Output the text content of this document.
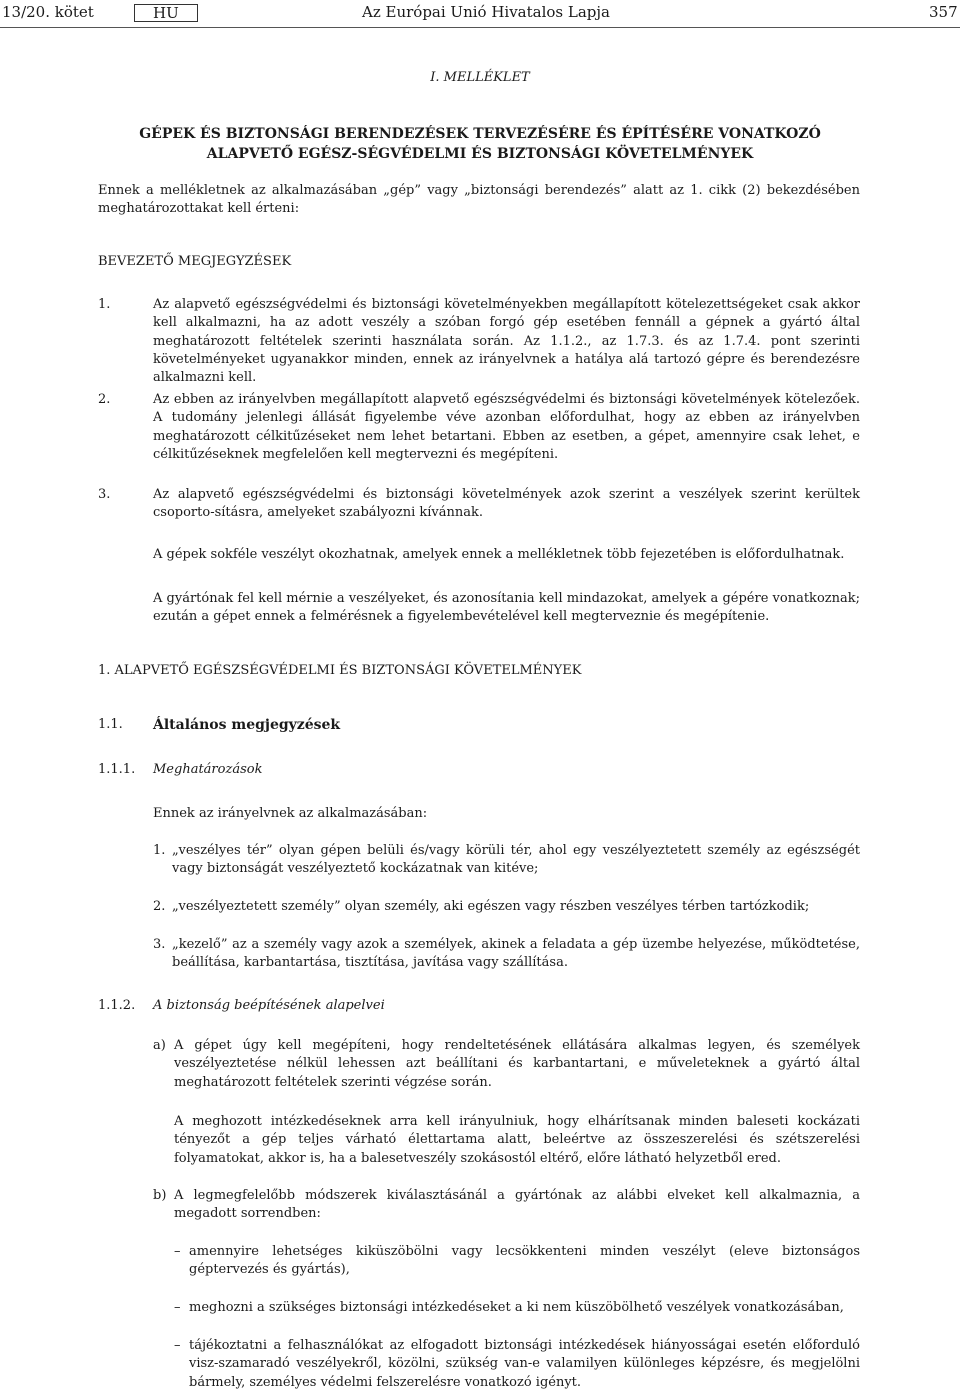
13/20. kötet	HU	Az Európai Unió Hivatalos Lapja	357
I. MELLÉKLET
GÉPEK ÉS BIZTONSÁGI BERENDEZÉSEK TERVEZÉSÉRE ÉS ÉPÍTÉSÉRE VONATKOZÓ ALAPVETŐ EGÉSZ-SÉGVÉDELMI ÉS BIZTONSÁGI KÖVETELMÉNYEK

Ennek a mellékletnek az alkalmazásában „gép” vagy „biztonsági berendezés” alatt az 1. cikk (2) bekezdésében meghatározottakat kell érteni:

BEVEZETŐ MEGJEGYZÉSEK
1.	Az alapvető egészségvédelmi és biztonsági követelményekben megállapított kötelezettségeket csak akkor kell alkalmazni, ha az adott veszély a szóban forgó gép esetében fennáll a gépnek a gyártó által meghatározott feltételek szerinti használata során. Az 1.1.2., az 1.7.3. és az 1.7.4. pont szerinti követelményeket ugyanakkor minden, ennek az irányelvnek a hatálya alá tartozó gépre és berendezésre alkalmazni kell.

2.	Az ebben az irányelvben megállapított alapvető egészségvédelmi és biztonsági követelmények kötelezőek. A tudomány jelenlegi állását figyelembe véve azonban előfordulhat, hogy az ebben az irányelvben meghatározott célkitűzéseket nem lehet betartani. Ebben az esetben, a gépet, amennyire csak lehet, e célkitűzéseknek megfelelően kell megtervezni és megépíteni.

3.	Az alapvető egészségvédelmi és biztonsági követelmények azok szerint a veszélyek szerint kerültek csoporto-sításra, amelyeket szabályozni kívánnak.

A gépek sokféle veszélyt okozhatnak, amelyek ennek a mellékletnek több fejezetében is előfordulhatnak.

A gyártónak fel kell mérnie a veszélyeket, és azonosítania kell mindazokat, amelyek a gépére vonatkoznak; ezután a gépet ennek a felmérésnek a figyelembevételével kell megterveznie és megépítenie.

1. ALAPVETŐ EGÉSZSÉGVÉDELMI ÉS BIZTONSÁGI KÖVETELMÉNYEK
1.1. Általános megjegyzések
1.1.1. Meghatározások

Ennek az irányelvnek az alkalmazásában:

1. „veszélyes tér” olyan gépen belüli és/vagy körüli tér, ahol egy veszélyeztetett személy az egészségét vagy biztonságát veszélyeztető kockázatnak van kitéve;

2. „veszélyeztetett személy” olyan személy, aki egészen vagy részben veszélyes térben tartózkodik;

3. „kezelő” az a személy vagy azok a személyek, akinek a feladata a gép üzembe helyezése, működtetése, beállítása, karbantartása, tisztítása, javítása vagy szállítása.

1.1.2. A biztonság beépítésének alapelvei
a) A gépet úgy kell megépíteni, hogy rendeltetésének ellátására alkalmas legyen, és személyek veszélyeztetése nélkül lehessen azt beállítani és karbantartani, e műveleteknek a gyártó által meghatározott feltételek szerinti végzése során.

A meghozott intézkedéseknek arra kell irányulniuk, hogy elhárítsanak minden baleseti kockázati tényezőt a gép teljes várható élettartama alatt, beleértve az összeszerelési és szétszerelési folyamatokat, akkor is, ha a balesetveszély szokásostól eltérő, előre látható helyzetből ered.

b) A legmegfelelőbb módszerek kiválasztásánál a gyártónak az alábbi elveket kell alkalmaznia, a megadott sorrendben:

– amennyire lehetséges kiküszöbölni vagy lecsökkenteni minden veszélyt (eleve biztonságos géptervezés és gyártás),

– meghozni a szükséges biztonsági intézkedéseket a ki nem küszöbölhető veszélyek vonatkozásában,

– tájékoztatni a felhasználókat az elfogadott biztonsági intézkedések hiányosságai esetén előforduló visz-szamaradó veszélyekről, közölni, szükség van-e valamilyen különleges képzésre, és megjelölni bármely, személyes védelmi felszerelésre vonatkozó igényt.
